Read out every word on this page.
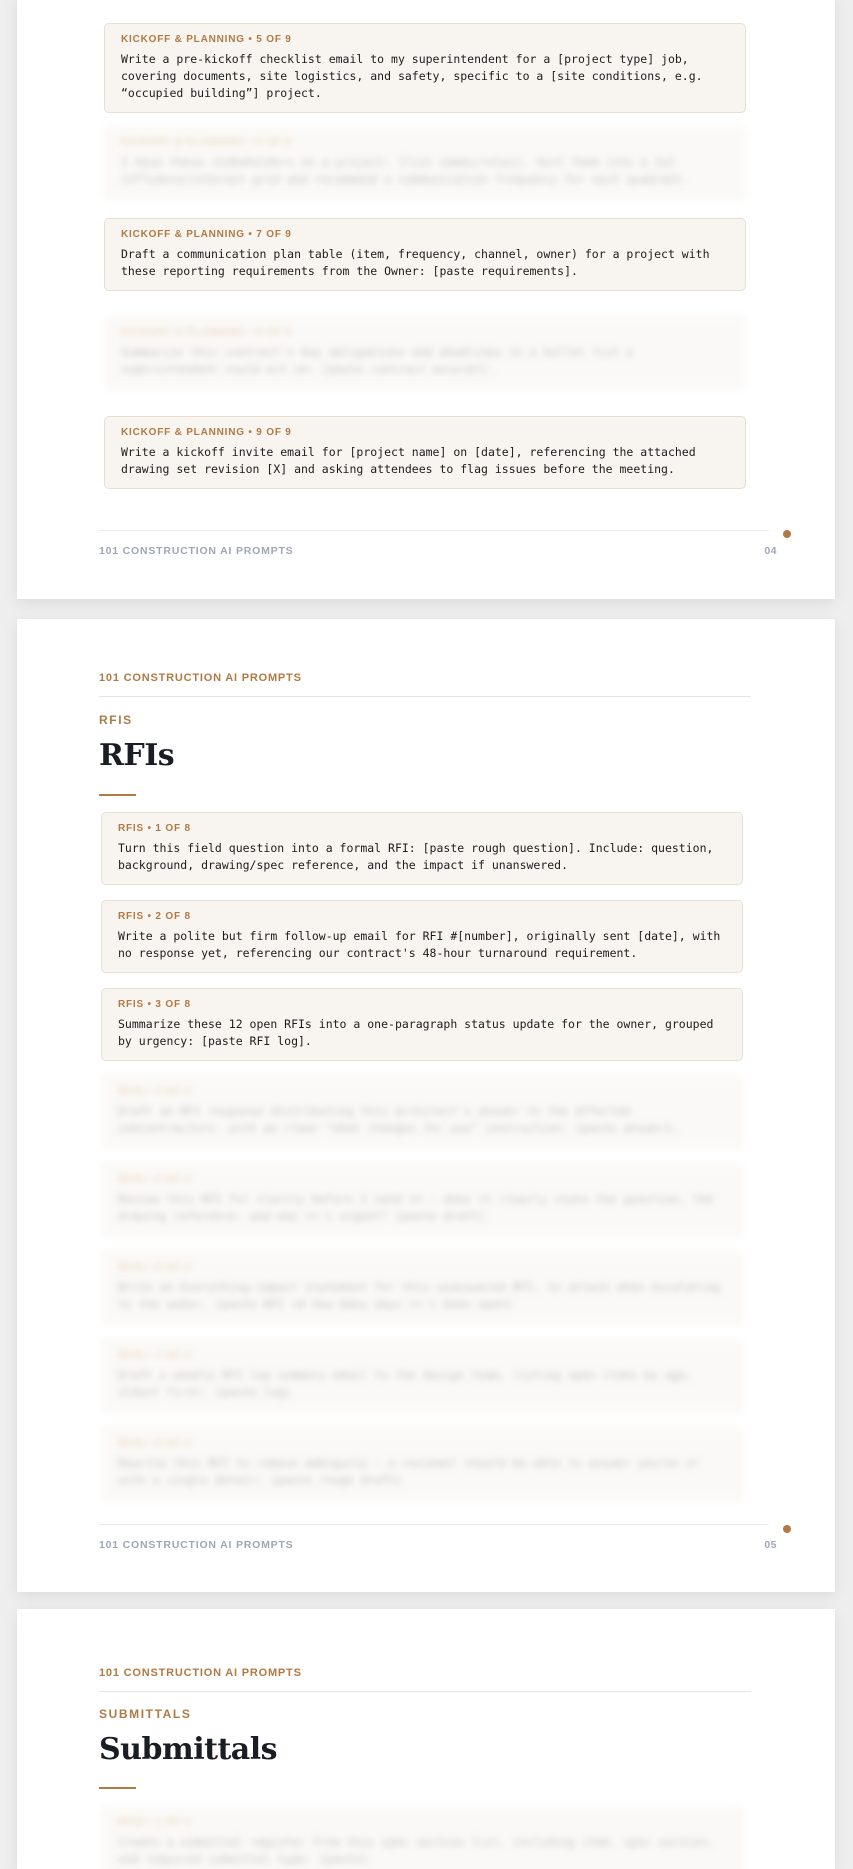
KICKOFF & PLANNING • 5 OF 9

Write a pre-kickoff checklist email to my superintendent for a [project type] job, covering documents, site logistics, and safety, specific to a [site conditions, e.g. “occupied building”] project.

KICKOFF & PLANNING • 6 OF 9

I have these stakeholders on a project: [list names/roles]. Sort them into a 2x2 influence/interest grid and recommend a communication frequency for each quadrant.

KICKOFF & PLANNING • 7 OF 9

Draft a communication plan table (item, frequency, channel, owner) for a project with these reporting requirements from the Owner: [paste requirements].

KICKOFF & PLANNING • 8 OF 9

Summarize this contract's key obligations and deadlines in a bullet list a superintendent could act on: [paste contract excerpt].

KICKOFF & PLANNING • 9 OF 9

Write a kickoff invite email for [project name] on [date], referencing the attached drawing set revision [X] and asking attendees to flag issues before the meeting.

101 CONSTRUCTION AI PROMPTS	04
101 CONSTRUCTION AI PROMPTS
RFIS
RFIs

RFIS • 1 OF 8

Turn this field question into a formal RFI: [paste rough question]. Include: question, background, drawing/spec reference, and the impact if unanswered.

RFIS • 2 OF 8

Write a polite but firm follow-up email for RFI #[number], originally sent [date], with no response yet, referencing our contract's 48-hour turnaround requirement.

RFIS • 3 OF 8

Summarize these 12 open RFIs into a one-paragraph status update for the owner, grouped by urgency: [paste RFI log].

RFIS • 4 OF 8

Draft an RFI response distributing this architect's answer to the affected subcontractors, with an clear “what changes for you” instruction: [paste answer].

RFIS • 5 OF 8

Review this RFI for clarity before I send it — does it clearly state the question, the drawing reference, and why it's urgent? [paste draft]

RFIS • 6 OF 8

Write an Everything-impact statement for this unanswered RFI, to attach when escalating to the owner: [paste RFI +# how many days it's been open]

RFIS • 7 OF 8

Draft a weekly RFI log summary email to the design team, listing open items by age, oldest first: [paste log]

RFIS • 8 OF 8

Rewrite this RFI to remove ambiguity — a reviewer should be able to answer yes/no or with a single detail: [paste rough draft]

101 CONSTRUCTION AI PROMPTS	05
101 CONSTRUCTION AI PROMPTS
SUBMITTALS
Submittals

RFIS • 1 OF 4

Create a submittal register from this spec section list, including item, spec section, and required submittal type: [paste].
